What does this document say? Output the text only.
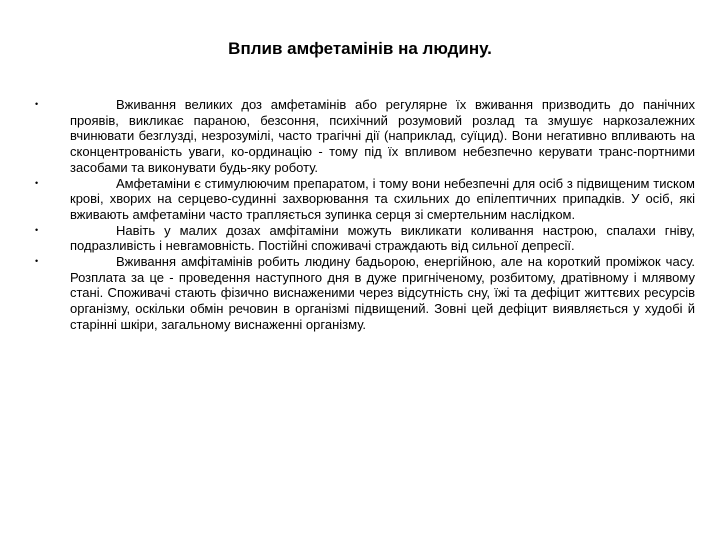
Вплив амфетамінів на людину.
•	Вживання великих доз амфетамінів або регулярне їх вживання призводить до панічних проявів, викликає параною, безсоння, психічний розумовий розлад та змушує наркозалежних вчинювати безглузді, незрозумілі, часто трагічні дії (наприклад, суїцид). Вони негативно впливають на сконцентрованість уваги, ко-ординацію - тому під їх впливом небезпечно керувати транс-портними засобами та виконувати будь-яку роботу.
•	Амфетаміни є стимулюючим препаратом, і тому вони небезпечні для осіб з підвищеним тиском крові, хворих на серцево-судинні захворювання та схильних до епілептичних припадків. У осіб, які вживають амфетаміни часто трапляється зупинка серця зі смертельним наслідком.
•	Навіть у малих дозах амфітаміни можуть викликати коливання настрою, спалахи гніву, подразливість і невгамовність. Постійні споживачі страждають від сильної депресії.
•	Вживання амфітамінів робить людину бадьорою, енергійною, але на короткий проміжок часу. Розплата за це - проведення наступного дня в дуже пригніченому, розбитому, дратівному і млявому стані. Споживачі стають фізично виснаженими через відсутність сну, їжі та дефіцит життєвих ресурсів організму, оскільки обмін речовин в організмі підвищений. Зовні цей дефіцит виявляється у худобі й старінні шкіри, загальному виснаженні організму.
